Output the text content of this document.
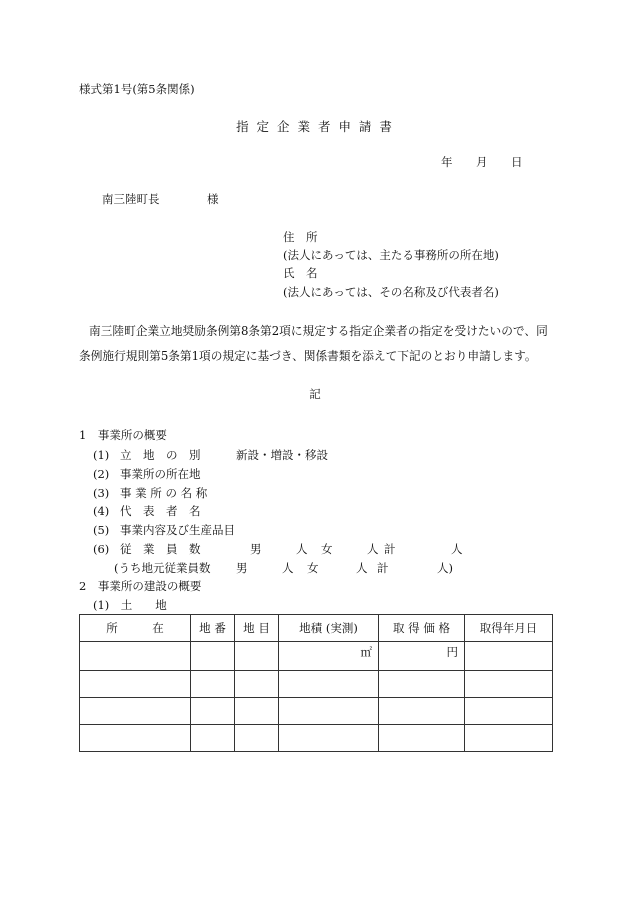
様式第1号(第5条関係)
指 定 企 業 者 申 請 書
年 月 日
南三陸町長	様
住　所
(法人にあっては、主たる事務所の所在地)
氏　名
(法人にあっては、その名称及び代表者名)
南三陸町企業立地奨励条例第8条第2項に規定する指定企業者の指定を受けたいので、同
条例施行規則第5条第1項の規定に基づき、関係書類を添えて下記のとおり申請します。
記
1　事業所の概要
(1) 立　地　の　別	新設・増設・移設
(2) 事業所の所在地
(3) 事 業 所 の 名 称
(4) 代　表　者　名
(5) 事業内容及び生産品目
(6) 従　業　員　数	男	人 女	人 計	人
(うち地元従業員数 男	人 女	人 計	人)
2　事業所の建設の概要
(1)　土　　地
所　　　在	地 番	地 目	地積 (実測)	取 得 価 格	取得年月日
			㎡	円	
